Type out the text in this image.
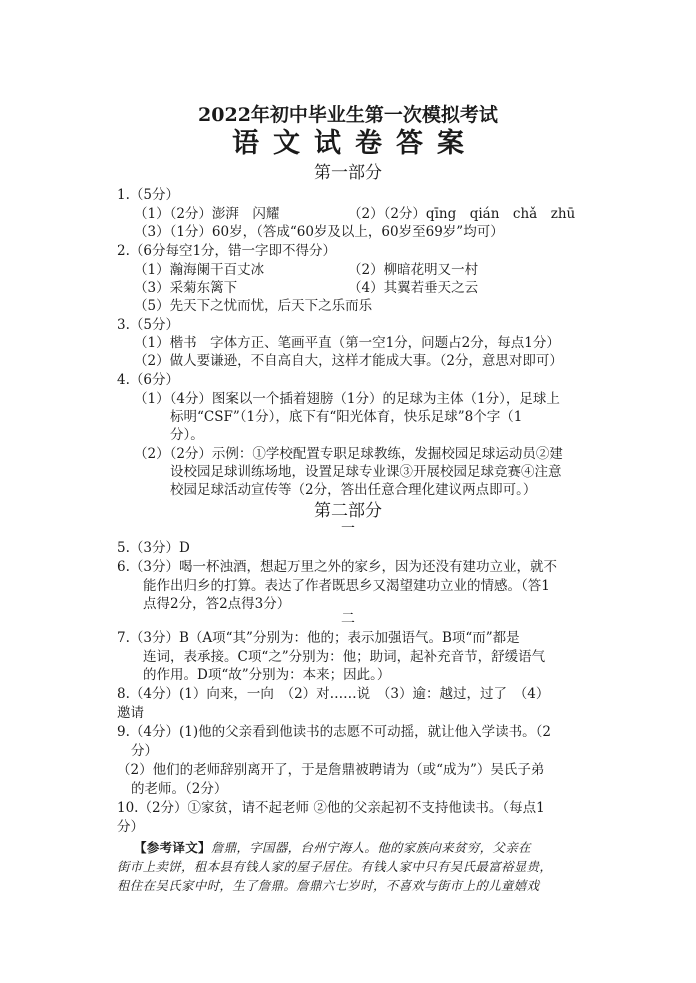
2022年初中毕业生第一次模拟考试
语文试卷答案
第一部分
1.（5分）
（1）（2分）澎湃　闪耀	（2）（2分）qīng　qián　chǎ　zhū
（3）（1分）60岁，（答成“60岁及以上，60岁至69岁”均可）
2.（6分每空1分，错一字即不得分）
（1）瀚海阑干百丈冰	（2）柳暗花明又一村
（3）采菊东篱下	（4）其翼若垂天之云
（5）先天下之忧而忧，后天下之乐而乐
3.（5分）
（1）楷书　字体方正、笔画平直（第一空1分，问题占2分，每点1分）
（2）做人要谦逊，不自高自大，这样才能成大事。（2分，意思对即可）
4.（6分）
（1）（4分）图案以一个插着翅膀（1分）的足球为主体（1分），足球上
标明“CSF”（1分），底下有“阳光体育，快乐足球”8个字（1
分）。
（2）（2分）示例：①学校配置专职足球教练，发掘校园足球运动员②建
设校园足球训练场地，设置足球专业课③开展校园足球竞赛④注意
校园足球活动宣传等（2分，答出任意合理化建议两点即可。）
第二部分
一
5.（3分）D
6.（3分）喝一杯浊酒，想起万里之外的家乡，因为还没有建功立业，就不
能作出归乡的打算。表达了作者既思乡又渴望建功立业的情感。（答1
点得2分，答2点得3分）
二
7.（3分）B（A项“其”分别为：他的；表示加强语气。B项“而”都是
连词，表承接。C项“之”分别为：他；助词，起补充音节，舒缓语气
的作用。D项“故”分别为：本来；因此。）
8.（4分）(1）向来，一向　（2）对……说　（3）逾：越过，过了　（4）
邀请
9.（4分）(1)他的父亲看到他读书的志愿不可动摇，就让他入学读书。（2
分）
（2）他们的老师辞别离开了，于是詹鼎被聘请为（或“成为”）吴氏子弟
的老师。（2分）
10.（2分）①家贫，请不起老师 ②他的父亲起初不支持他读书。（每点1
分）
【参考译文】詹鼎，字国器，台州宁海人。他的家族向来贫穷，父亲在
街市上卖饼，租本县有钱人家的屋子居住。有钱人家中只有吴氏最富裕显贵，
租住在吴氏家中时，生了詹鼎。詹鼎六七岁时，不喜欢与街市上的儿童嬉戏
